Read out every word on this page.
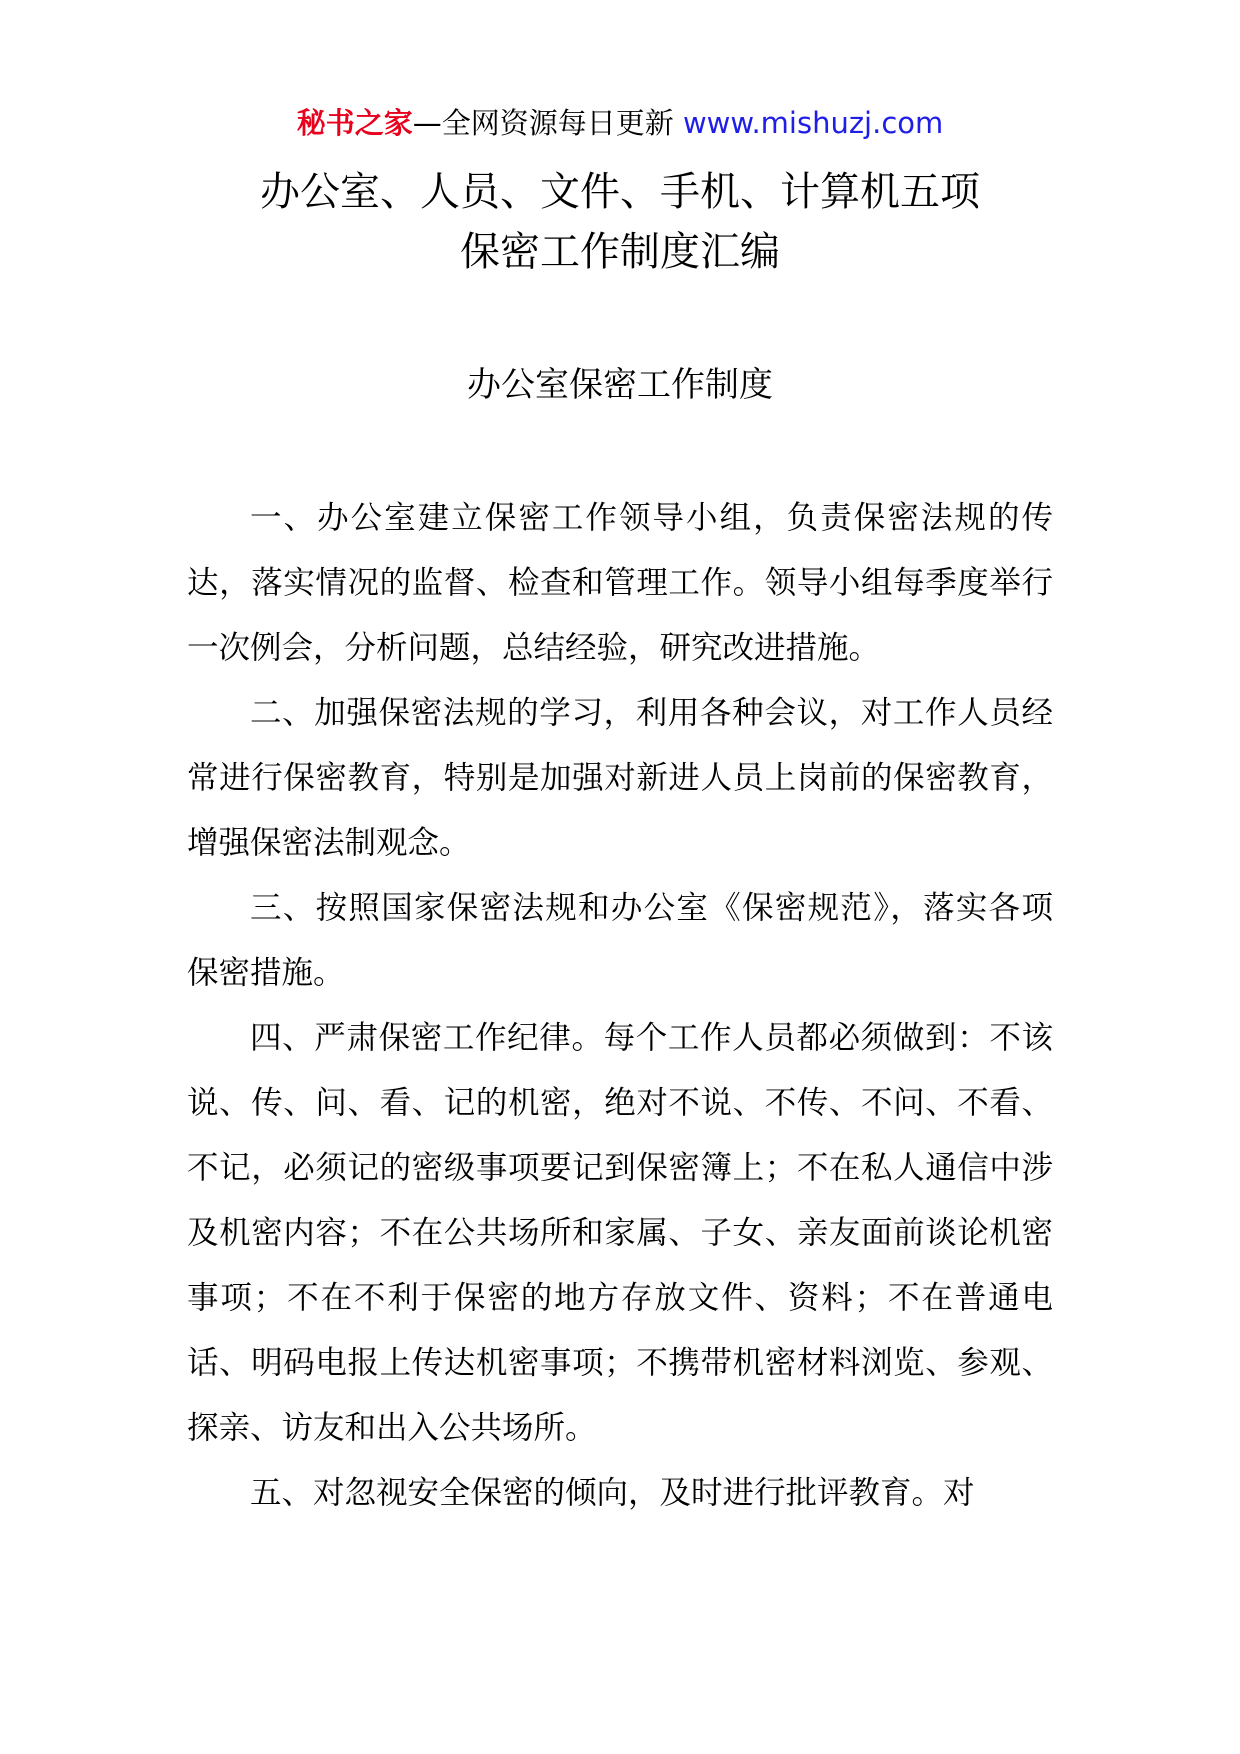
秘书之家—全网资源每日更新 www.mishuzj.com
办公室、人员、文件、手机、计算机五项
保密工作制度汇编
办公室保密工作制度

一、办公室建立保密工作领导小组，负责保密法规的传达，落实情况的监督、检查和管理工作。领导小组每季度举行一次例会，分析问题，总结经验，研究改进措施。

二、加强保密法规的学习，利用各种会议，对工作人员经常进行保密教育，特别是加强对新进人员上岗前的保密教育，增强保密法制观念。

三、按照国家保密法规和办公室《保密规范》，落实各项保密措施。

四、严肃保密工作纪律。每个工作人员都必须做到：不该说、传、问、看、记的机密，绝对不说、不传、不问、不看、不记，必须记的密级事项要记到保密簿上；不在私人通信中涉及机密内容；不在公共场所和家属、子女、亲友面前谈论机密事项；不在不利于保密的地方存放文件、资料；不在普通电话、明码电报上传达机密事项；不携带机密材料浏览、参观、探亲、访友和出入公共场所。

五、对忽视安全保密的倾向，及时进行批评教育。对
